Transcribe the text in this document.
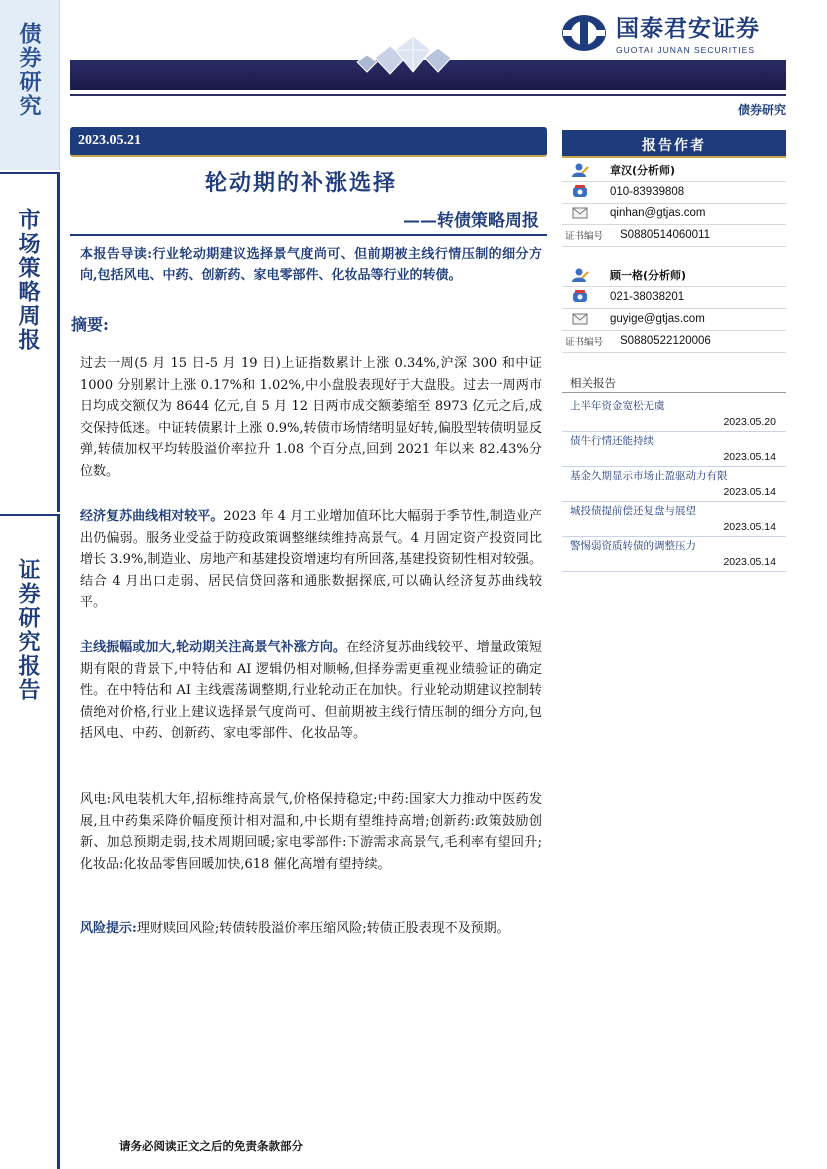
债券研究
市场策略周报
证券研究报告
国泰君安证券
GUOTAI JUNAN SECURITIES
债券研究
2023.05.21
轮动期的补涨选择
——转债策略周报
本报告导读:行业轮动期建议选择景气度尚可、但前期被主线行情压制的细分方向,包括风电、中药、创新药、家电零部件、化妆品等行业的转债。
摘要:
过去一周(5 月 15 日-5 月 19 日)上证指数累计上涨 0.34%,沪深 300 和中证 1000 分别累计上涨 0.17%和 1.02%,中小盘股表现好于大盘股。过去一周两市日均成交额仅为 8644 亿元,自 5 月 12 日两市成交额萎缩至 8973 亿元之后,成交保持低迷。中证转债累计上涨 0.9%,转债市场情绪明显好转,偏股型转债明显反弹,转债加权平均转股溢价率拉升 1.08 个百分点,回到 2021 年以来 82.43%分位数。
经济复苏曲线相对较平。2023 年 4 月工业增加值环比大幅弱于季节性,制造业产出仍偏弱。服务业受益于防疫政策调整继续维持高景气。4 月固定资产投资同比增长 3.9%,制造业、房地产和基建投资增速均有所回落,基建投资韧性相对较强。结合 4 月出口走弱、居民信贷回落和通胀数据探底,可以确认经济复苏曲线较平。
主线振幅或加大,轮动期关注高景气补涨方向。在经济复苏曲线较平、增量政策短期有限的背景下,中特估和 AI 逻辑仍相对顺畅,但择券需更重视业绩验证的确定性。在中特估和 AI 主线震荡调整期,行业轮动正在加快。行业轮动期建议控制转债绝对价格,行业上建议选择景气度尚可、但前期被主线行情压制的细分方向,包括风电、中药、创新药、家电零部件、化妆品等。
风电:风电装机大年,招标维持高景气,价格保持稳定;中药:国家大力推动中医药发展,且中药集采降价幅度预计相对温和,中长期有望维持高增;创新药:政策鼓励创新、加总预期走弱,技术周期回暖;家电零部件:下游需求高景气,毛利率有望回升;化妆品:化妆品零售回暖加快,618 催化高增有望持续。
风险提示:理财赎回风险;转债转股溢价率压缩风险;转债正股表现不及预期。
报告作者
章汉(分析师)
010-83939808
qinhan@gtjas.com
证书编号	S0880514060011
顾一格(分析师)
021-38038201
guyige@gtjas.com
证书编号	S0880522120006
相关报告
上半年资金宽松无虞
2023.05.20
债牛行情还能持续
2023.05.14
基金久期显示市场止盈驱动力有限
2023.05.14
城投债提前偿还复盘与展望
2023.05.14
警惕弱资质转债的调整压力
2023.05.14
请务必阅读正文之后的免责条款部分
